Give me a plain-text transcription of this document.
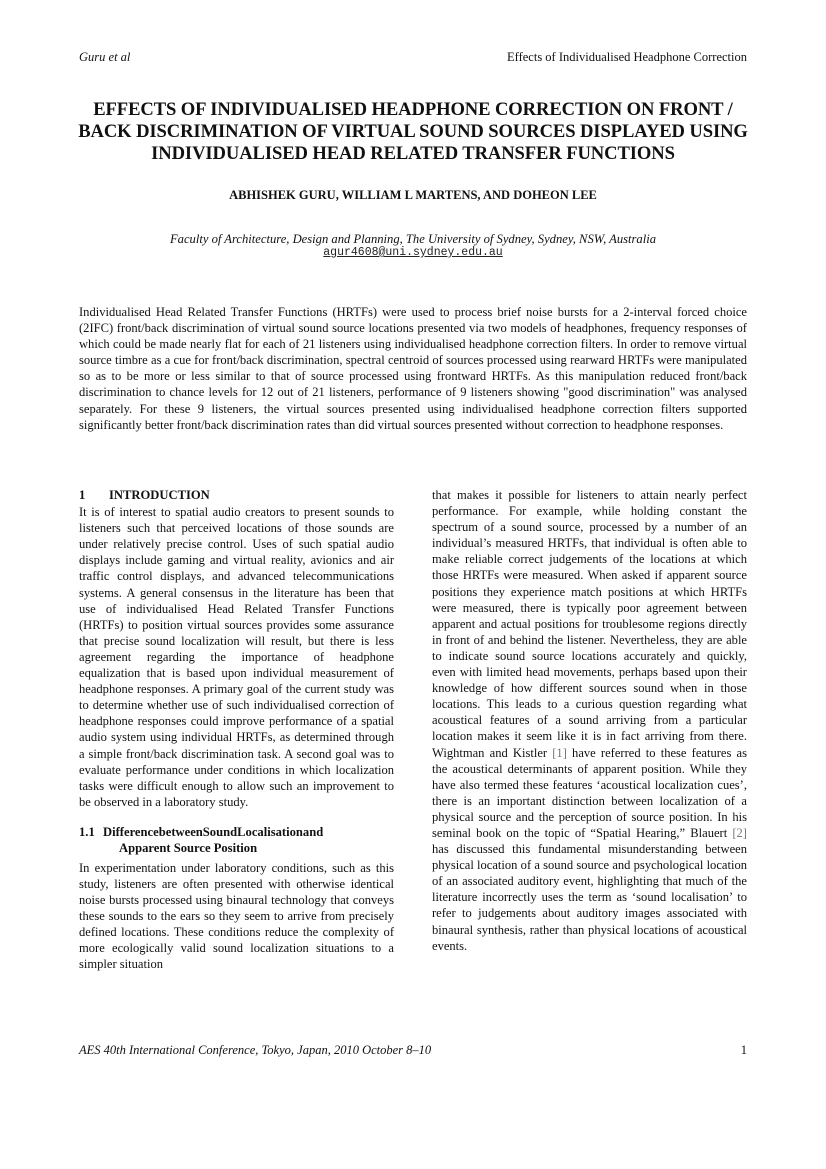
Guru et al	Effects of Individualised Headphone Correction
EFFECTS OF INDIVIDUALISED HEADPHONE CORRECTION ON FRONT / BACK DISCRIMINATION OF VIRTUAL SOUND SOURCES DISPLAYED USING INDIVIDUALISED HEAD RELATED TRANSFER FUNCTIONS
ABHISHEK GURU, WILLIAM L MARTENS, AND DOHEON LEE
Faculty of Architecture, Design and Planning, The University of Sydney, Sydney, NSW, Australia
agur4608@uni.sydney.edu.au

Individualised Head Related Transfer Functions (HRTFs) were used to process brief noise bursts for a 2-interval forced choice (2IFC) front/back discrimination of virtual sound source locations presented via two models of headphones, frequency responses of which could be made nearly flat for each of 21 listeners using individualised headphone correction filters. In order to remove virtual source timbre as a cue for front/back discrimination, spectral centroid of sources processed using rearward HRTFs were manipulated so as to be more or less similar to that of source processed using frontward HRTFs. As this manipulation reduced front/back discrimination to chance levels for 12 out of 21 listeners, performance of 9 listeners showing "good discrimination" was analysed separately. For these 9 listeners, the virtual sources presented using individualised headphone correction filters supported significantly better front/back discrimination rates than did virtual sources presented without correction to headphone responses.

1	INTRODUCTION

It is of interest to spatial audio creators to present sounds to listeners such that perceived locations of those sounds are under relatively precise control. Uses of such spatial audio displays include gaming and virtual reality, avionics and air traffic control displays, and advanced telecommunications systems. A general consensus in the literature has been that use of individualised Head Related Transfer Functions (HRTFs) to position virtual sources provides some assurance that precise sound localization will result, but there is less agreement regarding the importance of headphone equalization that is based upon individual measurement of headphone responses. A primary goal of the current study was to determine whether use of such individualised correction of headphone responses could improve performance of a spatial audio system using individual HRTFs, as determined through a simple front/back discrimination task. A second goal was to evaluate performance under conditions in which localization tasks were difficult enough to allow such an improvement to be observed in a laboratory study.

1.1 Difference between Sound Localisation and
Apparent Source Position

In experimentation under laboratory conditions, such as this study, listeners are often presented with otherwise identical noise bursts processed using binaural technology that conveys these sounds to the ears so they seem to arrive from precisely defined locations. These conditions reduce the complexity of more ecologically valid sound localization situations to a simpler situation

that makes it possible for listeners to attain nearly perfect performance. For example, while holding constant the spectrum of a sound source, processed by a number of an individual’s measured HRTFs, that individual is often able to make reliable correct judgements of the locations at which those HRTFs were measured. When asked if apparent source positions they experience match positions at which HRTFs were measured, there is typically poor agreement between apparent and actual positions for troublesome regions directly in front of and behind the listener. Nevertheless, they are able to indicate sound source locations accurately and quickly, even with limited head movements, perhaps based upon their knowledge of how different sources sound when in those locations. This leads to a curious question regarding what acoustical features of a sound arriving from a particular location makes it seem like it is in fact arriving from there. Wightman and Kistler [1] have referred to these features as the acoustical determinants of apparent position. While they have also termed these features ‘acoustical localization cues’, there is an important distinction between localization of a physical source and the perception of source position. In his seminal book on the topic of “Spatial Hearing,” Blauert [2] has discussed this fundamental misunderstanding between physical location of a sound source and psychological location of an associated auditory event, highlighting that much of the literature incorrectly uses the term as ‘sound localisation’ to refer to judgements about auditory images associated with binaural synthesis, rather than physical locations of acoustical events.

AES 40th International Conference, Tokyo, Japan, 2010 October 8–10	1
